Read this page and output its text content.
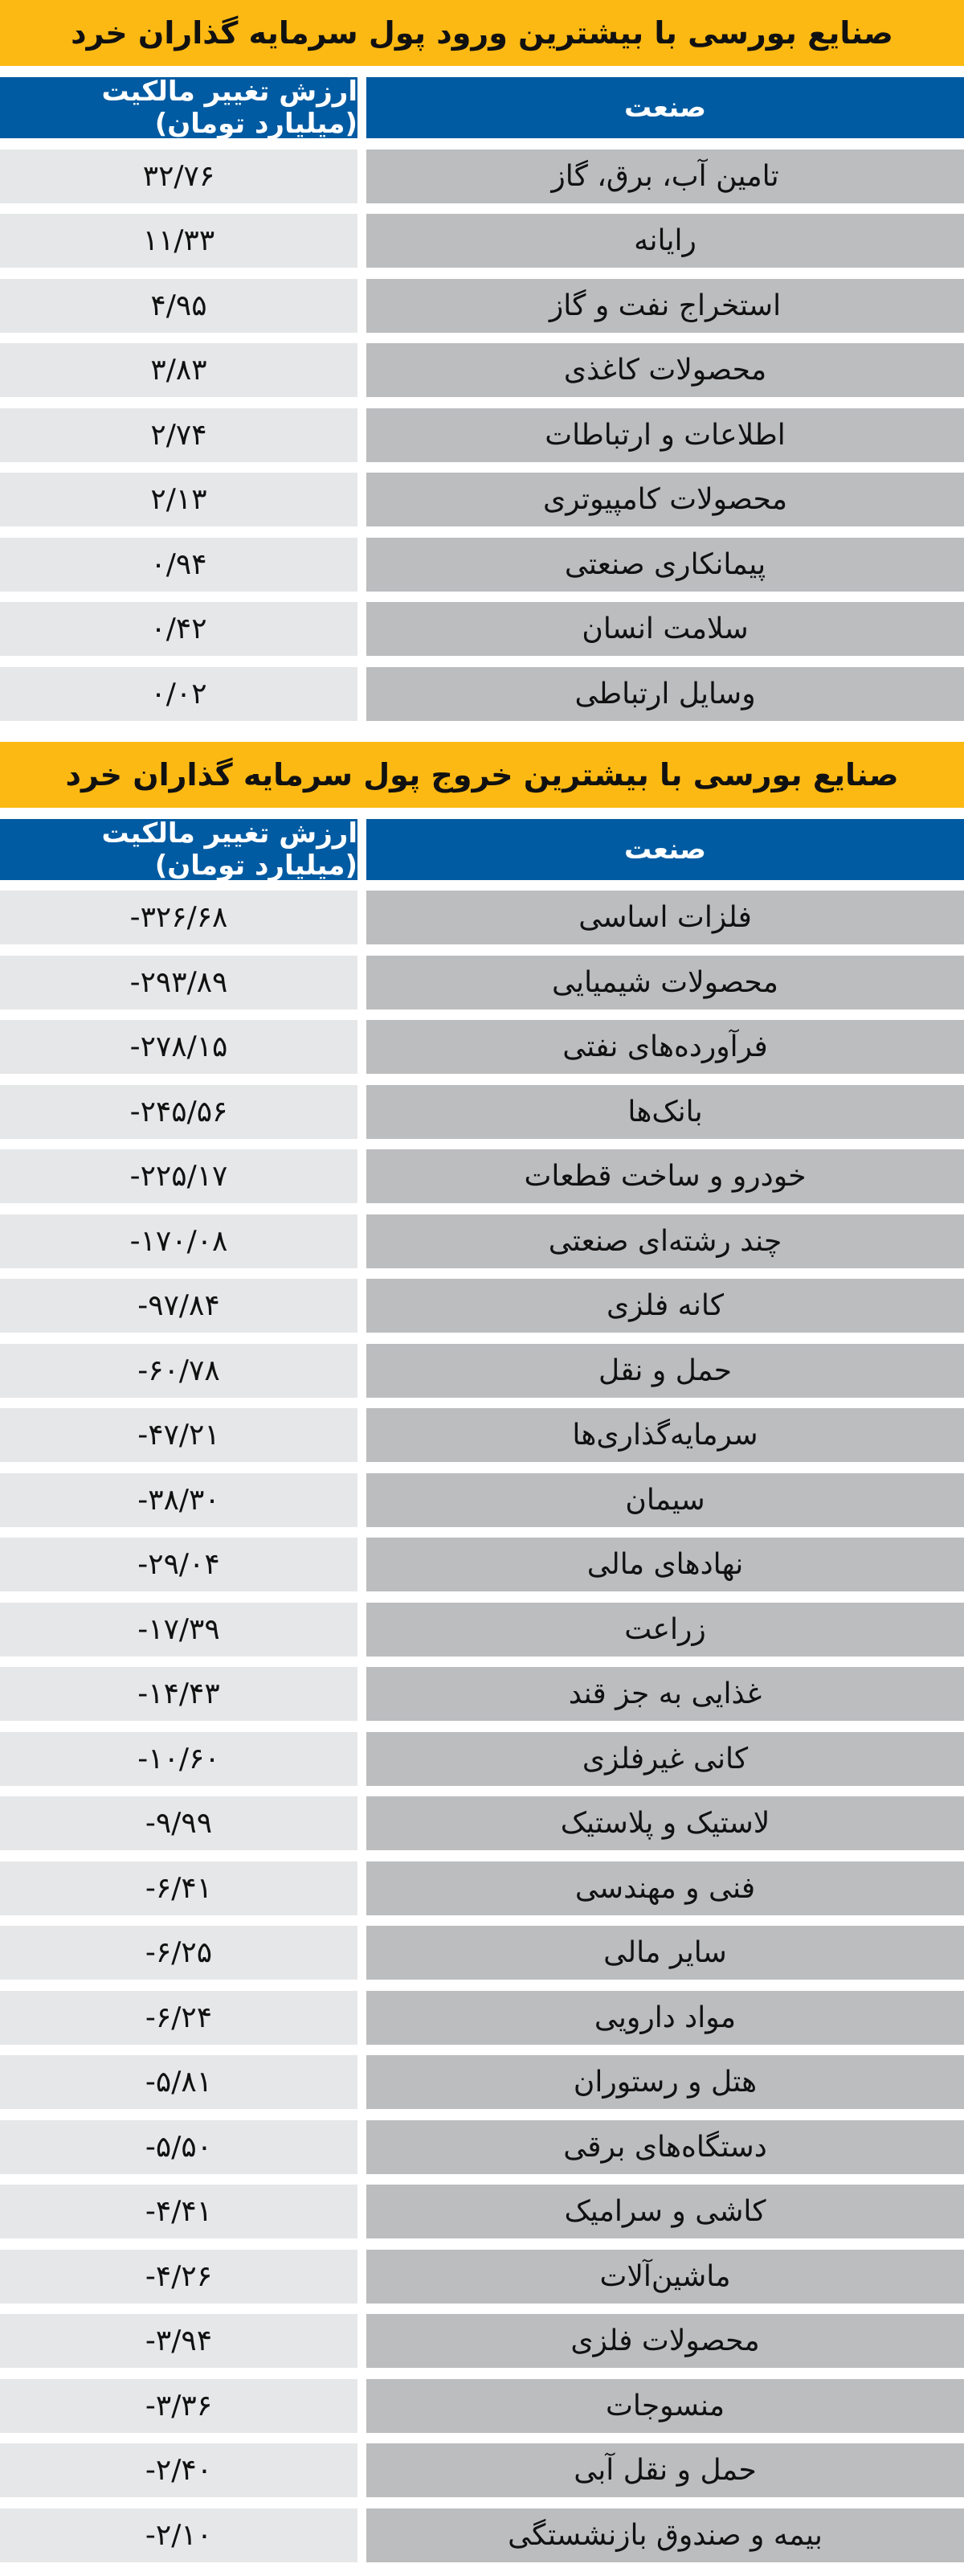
صنایع بورسی با بیشترین ورود پول سرمایه گذاران خرد
صنعت
ارزش تغییر مالکیت (میلیارد تومان)
تامین آب، برق، گاز
۳۲/۷۶
رایانه
۱۱/۳۳
استخراج نفت و گاز
۴/۹۵
محصولات کاغذی
۳/۸۳
اطلاعات و ارتباطات
۲/۷۴
محصولات کامپیوتری
۲/۱۳
پیمانکاری صنعتی
۰/۹۴
سلامت انسان
۰/۴۲
وسایل ارتباطی
۰/۰۲
صنایع بورسی با بیشترین خروج پول سرمایه گذاران خرد
صنعت
ارزش تغییر مالکیت (میلیارد تومان)
فلزات اساسی
-۳۲۶/۶۸
محصولات شیمیایی
-۲۹۳/۸۹
فرآورده‌های نفتی
-۲۷۸/۱۵
بانک‌ها
-۲۴۵/۵۶
خودرو و ساخت قطعات
-۲۲۵/۱۷
چند رشته‌ای صنعتی
-۱۷۰/۰۸
کانه فلزی
-۹۷/۸۴
حمل و نقل
-۶۰/۷۸
سرمایه‌گذاری‌ها
-۴۷/۲۱
سیمان
-۳۸/۳۰
نهادهای مالی
-۲۹/۰۴
زراعت
-۱۷/۳۹
غذایی به جز قند
-۱۴/۴۳
کانی غیرفلزی
-۱۰/۶۰
لاستیک و پلاستیک
-۹/۹۹
فنی و مهندسی
-۶/۴۱
سایر مالی
-۶/۲۵
مواد دارویی
-۶/۲۴
هتل و رستوران
-۵/۸۱
دستگاه‌های برقی
-۵/۵۰
کاشی و سرامیک
-۴/۴۱
ماشین‌آلات
-۴/۲۶
محصولات فلزی
-۳/۹۴
منسوجات
-۳/۳۶
حمل و نقل آبی
-۲/۴۰
بیمه و صندوق بازنشستگی
-۲/۱۰
